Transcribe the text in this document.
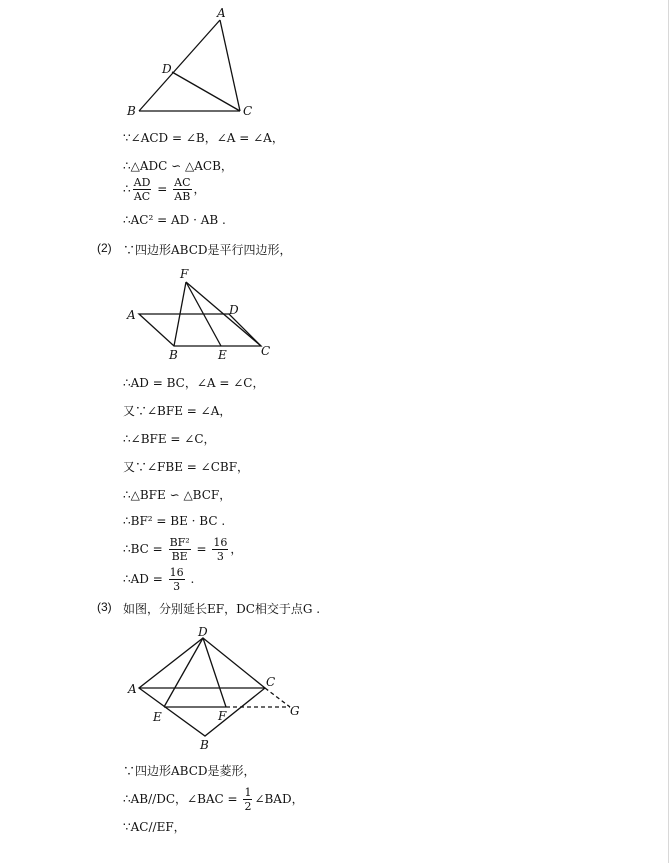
A
D
B	C
∵∠ACD = ∠B，∠A = ∠A，
∴△ADC ∽ △ACB，
∴ $\frac{AD}{AC} = \frac{AC}{AB}$ ，
∴AC² = AD · AB .
(2) ∵四边形ABCD是平行四边形，
F
A	D
B	E	C
∴AD = BC，∠A = ∠C，
又∵∠BFE = ∠A，
∴∠BFE = ∠C，
又∵∠FBE = ∠CBF，
∴△BFE ∽ △BCF，
∴BF² = BE · BC .
∴BC = $\frac{\text{BF²}}{BE} = \frac{16}{3}$ ，
∴AD = $\frac{16}{3}$ .
(3) 如图，分别延长EF，DC相交于点G .
D
A	C
E	F	G
B
∵四边形ABCD是菱形，
∴AB//DC，∠BAC = $\frac{1}{2}$ ∠BAD，
∵AC//EF，
